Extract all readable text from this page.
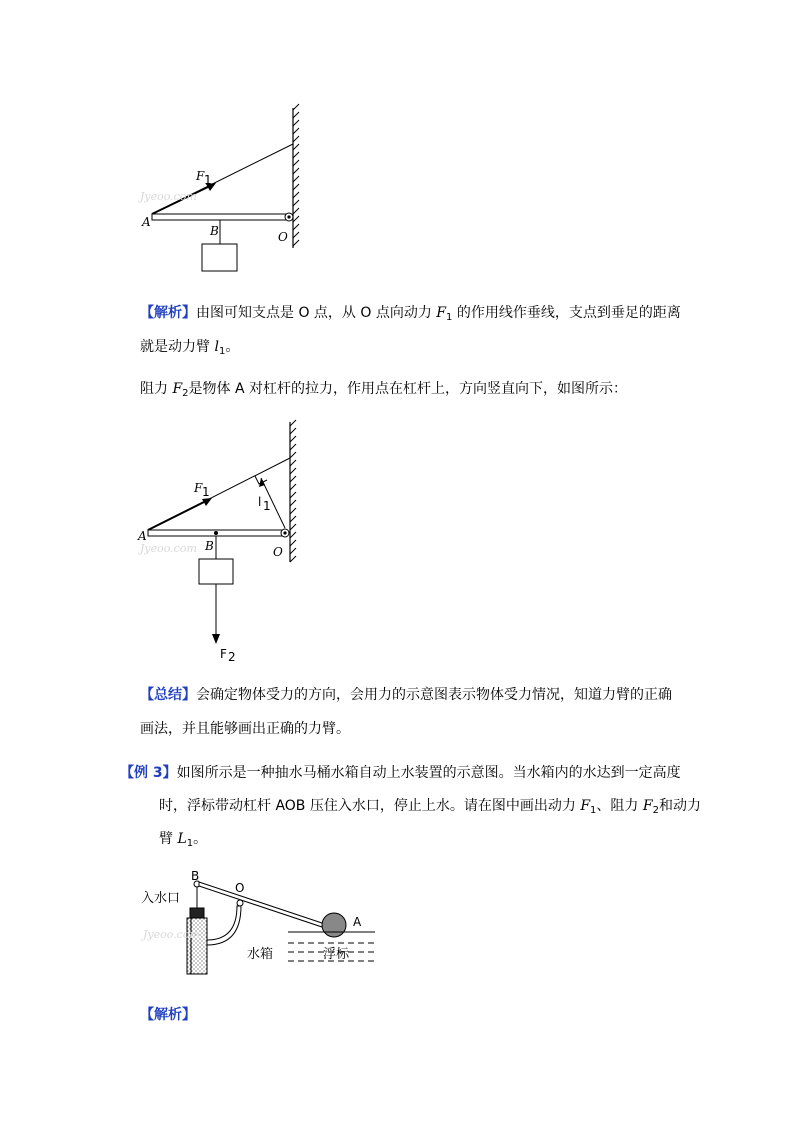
Jyeoo.com
F 1
A
B	O
【解析】由图可知支点是 O 点，从 O 点向动力 $F_1$ 的作用线作垂线，支点到垂足的距离
就是动力臂 $l_1$。
阻力 $F_2$是物体 A 对杠杆的拉力，作用点在杠杆上，方向竖直向下，如图所示：
Jyeoo.com
F 1
l 1
A
B	O
F 2
【总结】会确定物体受力的方向，会用力的示意图表示物体受力情况，知道力臂的正确
画法，并且能够画出正确的力臂。
【例 3】如图所示是一种抽水马桶水箱自动上水装置的示意图。当水箱内的水达到一定高度
时，浮标带动杠杆 AOB 压住入水口，停止上水。请在图中画出动力 $F_1$、阻力 $F_2$和动力
臂 $L_1$。
Jyeoo.com
B
O
A
入水口
水箱	浮标
【解析】
